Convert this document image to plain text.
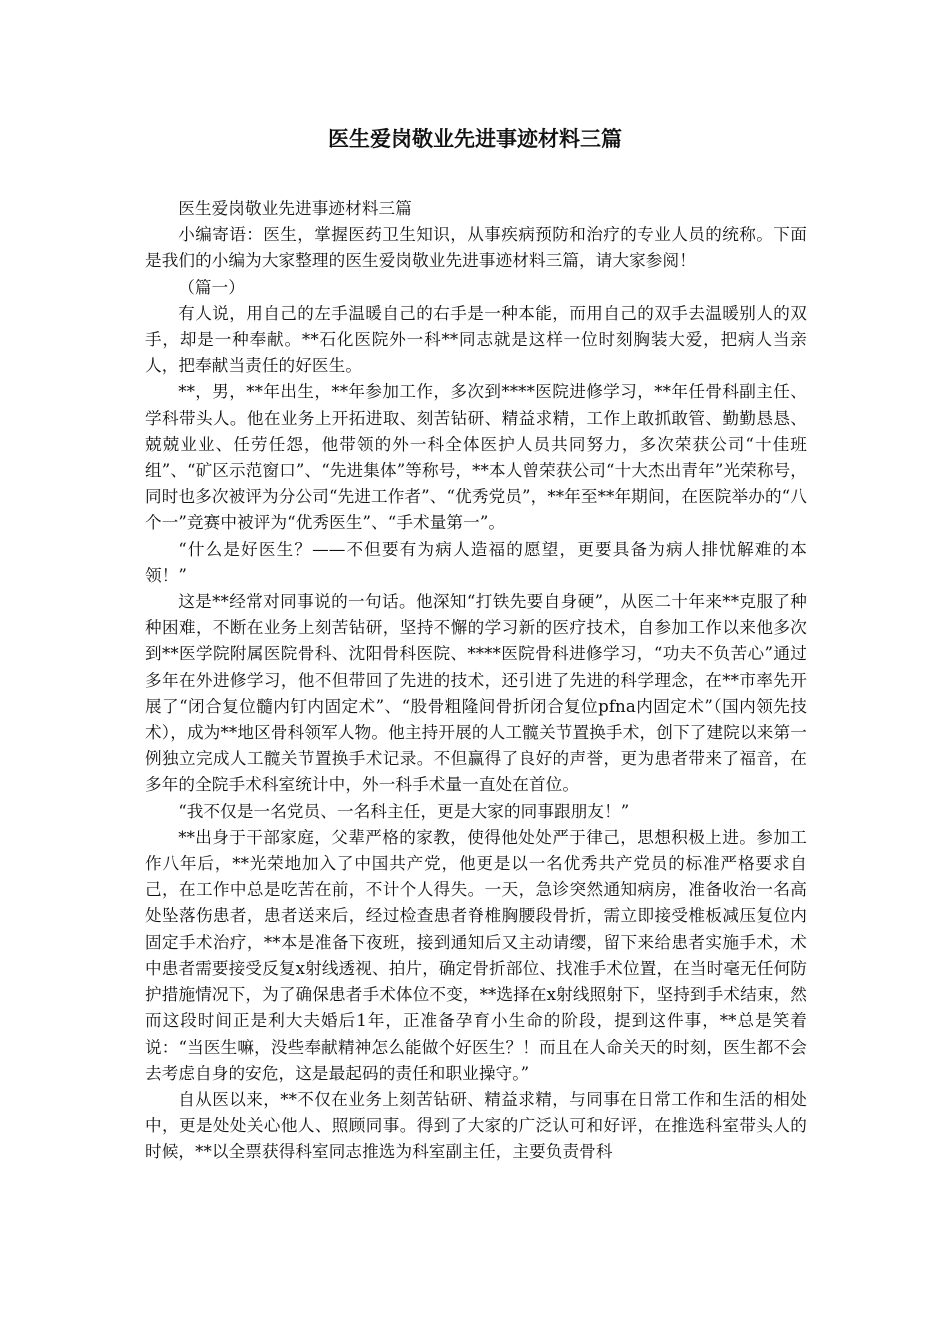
医生爱岗敬业先进事迹材料三篇

医生爱岗敬业先进事迹材料三篇

小编寄语：医生，掌握医药卫生知识，从事疾病预防和治疗的专业人员的统称。下面是我们的小编为大家整理的医生爱岗敬业先进事迹材料三篇，请大家参阅！

（篇一）

有人说，用自己的左手温暖自己的右手是一种本能，而用自己的双手去温暖别人的双手，却是一种奉献。**石化医院外一科**同志就是这样一位时刻胸装大爱，把病人当亲人，把奉献当责任的好医生。

**，男，**年出生，**年参加工作，多次到****医院进修学习，**年任骨科副主任、学科带头人。他在业务上开拓进取、刻苦钻研、精益求精，工作上敢抓敢管、勤勤恳恳、兢兢业业、任劳任怨，他带领的外一科全体医护人员共同努力，多次荣获公司“十佳班组”、“矿区示范窗口”、“先进集体”等称号，**本人曾荣获公司“十大杰出青年”光荣称号，同时也多次被评为分公司“先进工作者”、“优秀党员”，**年至**年期间，在医院举办的“八个一”竞赛中被评为“优秀医生”、“手术量第一”。

“什么是好医生？——不但要有为病人造福的愿望，更要具备为病人排忧解难的本领！”

这是**经常对同事说的一句话。他深知“打铁先要自身硬”，从医二十年来**克服了种种困难，不断在业务上刻苦钻研，坚持不懈的学习新的医疗技术，自参加工作以来他多次到**医学院附属医院骨科、沈阳骨科医院、****医院骨科进修学习，“功夫不负苦心”通过多年在外进修学习，他不但带回了先进的技术，还引进了先进的科学理念，在**市率先开展了“闭合复位髓内钉内固定术”、“股骨粗隆间骨折闭合复位pfna内固定术”（国内领先技术），成为**地区骨科领军人物。他主持开展的人工髋关节置换手术，创下了建院以来第一例独立完成人工髋关节置换手术记录。不但赢得了良好的声誉，更为患者带来了福音，在多年的全院手术科室统计中，外一科手术量一直处在首位。

“我不仅是一名党员、一名科主任，更是大家的同事跟朋友！”

**出身于干部家庭，父辈严格的家教，使得他处处严于律己，思想积极上进。参加工作八年后，**光荣地加入了中国共产党，他更是以一名优秀共产党员的标准严格要求自己，在工作中总是吃苦在前，不计个人得失。一天，急诊突然通知病房，准备收治一名高处坠落伤患者，患者送来后，经过检查患者脊椎胸腰段骨折，需立即接受椎板减压复位内固定手术治疗，**本是准备下夜班，接到通知后又主动请缨，留下来给患者实施手术，术中患者需要接受反复x射线透视、拍片，确定骨折部位、找准手术位置，在当时毫无任何防护措施情况下，为了确保患者手术体位不变，**选择在x射线照射下，坚持到手术结束，然而这段时间正是利大夫婚后1年，正准备孕育小生命的阶段，提到这件事，**总是笑着说：“当医生嘛，没些奉献精神怎么能做个好医生？！而且在人命关天的时刻，医生都不会去考虑自身的安危，这是最起码的责任和职业操守。”

自从医以来，**不仅在业务上刻苦钻研、精益求精，与同事在日常工作和生活的相处中，更是处处关心他人、照顾同事。得到了大家的广泛认可和好评，在推选科室带头人的时候，**以全票获得科室同志推选为科室副主任，主要负责骨科
